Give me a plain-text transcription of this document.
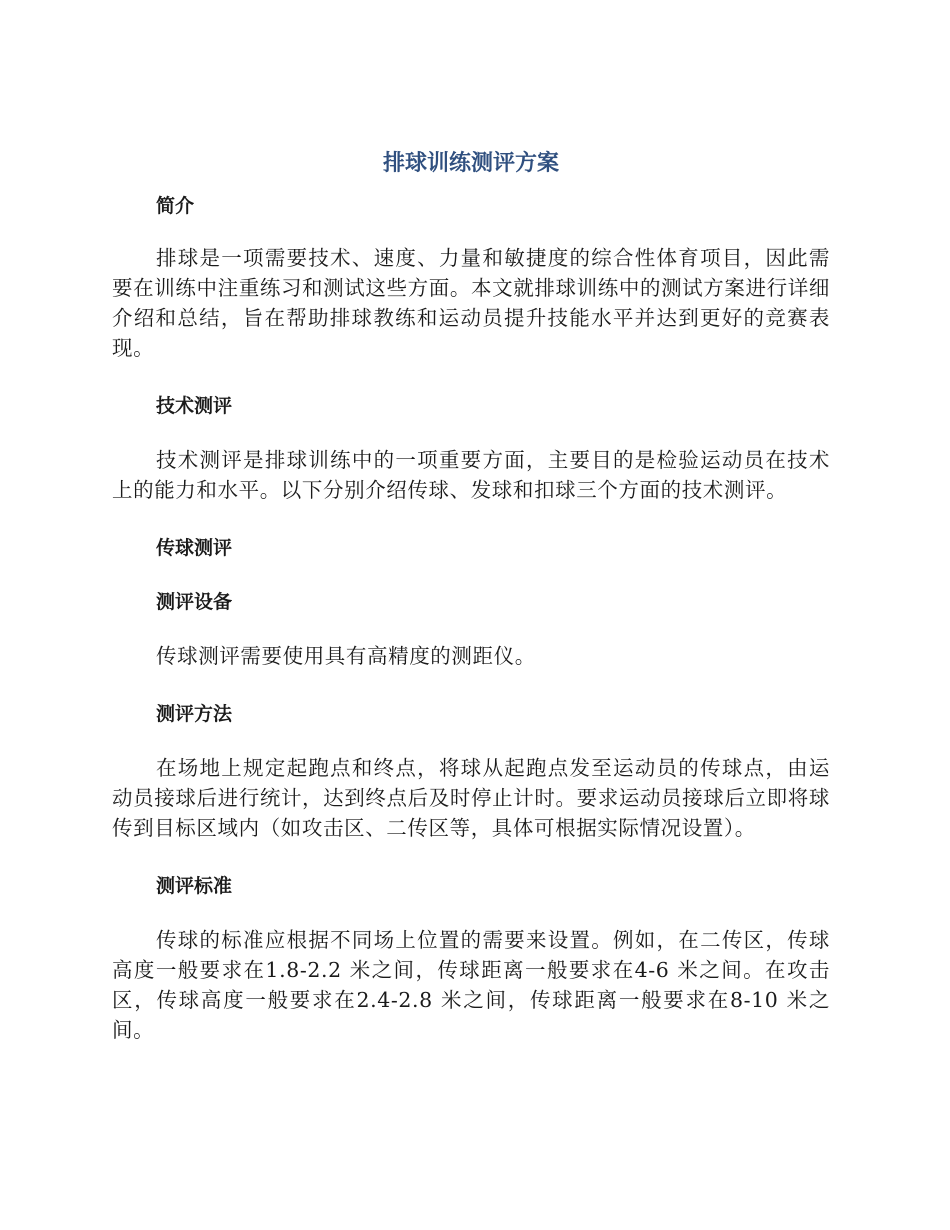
排球训练测评方案
简介

排球是一项需要技术、速度、力量和敏捷度的综合性体育项目，因此需要在训练中注重练习和测试这些方面。本文就排球训练中的测试方案进行详细介绍和总结，旨在帮助排球教练和运动员提升技能水平并达到更好的竞赛表现。

技术测评

技术测评是排球训练中的一项重要方面，主要目的是检验运动员在技术上的能力和水平。以下分别介绍传球、发球和扣球三个方面的技术测评。

传球测评
测评设备

传球测评需要使用具有高精度的测距仪。

测评方法

在场地上规定起跑点和终点，将球从起跑点发至运动员的传球点，由运动员接球后进行统计，达到终点后及时停止计时。要求运动员接球后立即将球传到目标区域内（如攻击区、二传区等，具体可根据实际情况设置）。

测评标准

传球的标准应根据不同场上位置的需要来设置。例如，在二传区，传球高度一般要求在1.8-2.2 米之间，传球距离一般要求在4-6 米之间。在攻击区，传球高度一般要求在2.4-2.8 米之间，传球距离一般要求在8-10 米之间。
